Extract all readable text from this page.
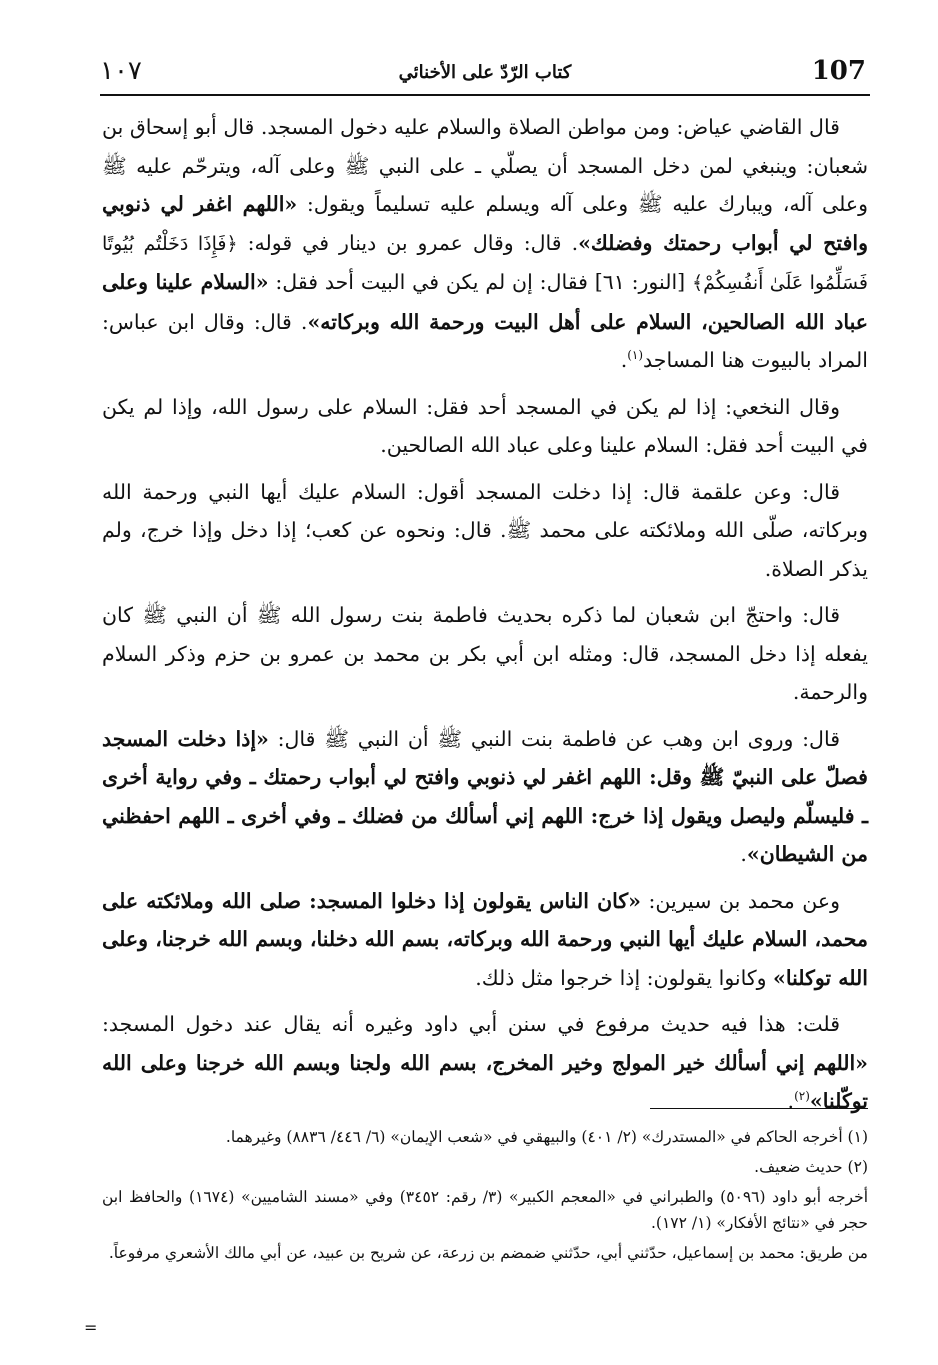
١٠٧	كتاب الرّدّ على الأخنائي	107

قال القاضي عياض: ومن مواطن الصلاة والسلام عليه دخول المسجد. قال أبو إسحاق بن شعبان: وينبغي لمن دخل المسجد أن يصلّي ـ على النبي ﷺ وعلى آله، ويترحّم عليه ﷺ وعلى آله، ويبارك عليه ﷺ وعلى آله ويسلم عليه تسليماً ويقول: «اللهم اغفر لي ذنوبي وافتح لي أبواب رحمتك وفضلك». قال: وقال عمرو بن دينار في قوله: ﴿فَإِذَا دَخَلْتُم بُيُوتًا فَسَلِّمُوا عَلَىٰ أَنفُسِكُمْ﴾ [النور: ٦١] فقال: إن لم يكن في البيت أحد فقل: «السلام علينا وعلى عباد الله الصالحين، السلام على أهل البيت ورحمة الله وبركاته». قال: وقال ابن عباس: المراد بالبيوت هنا المساجد$^{(١)}$.

وقال النخعي: إذا لم يكن في المسجد أحد فقل: السلام على رسول الله، وإذا لم يكن في البيت أحد فقل: السلام علينا وعلى عباد الله الصالحين.

قال: وعن علقمة قال: إذا دخلت المسجد أقول: السلام عليك أيها النبي ورحمة الله وبركاته، صلّى الله وملائكته على محمد ﷺ. قال: ونحوه عن كعب؛ إذا دخل وإذا خرج، ولم يذكر الصلاة.

قال: واحتجّ ابن شعبان لما ذكره بحديث فاطمة بنت رسول الله ﷺ أن النبي ﷺ كان يفعله إذا دخل المسجد، قال: ومثله ابن أبي بكر بن محمد بن عمرو بن حزم وذكر السلام والرحمة.

قال: وروى ابن وهب عن فاطمة بنت النبي ﷺ أن النبي ﷺ قال: «إذا دخلت المسجد فصلّ على النبيّ ﷺ وقل: اللهم اغفر لي ذنوبي وافتح لي أبواب رحمتك ـ وفي رواية أخرى ـ فليسلّم وليصل ويقول إذا خرج: اللهم إني أسألك من فضلك ـ وفي أخرى ـ اللهم احفظني من الشيطان».

وعن محمد بن سيرين: «كان الناس يقولون إذا دخلوا المسجد: صلى الله وملائكته على محمد، السلام عليك أيها النبي ورحمة الله وبركاته، بسم الله دخلنا، وبسم الله خرجنا، وعلى الله توكلنا» وكانوا يقولون: إذا خرجوا مثل ذلك.

قلت: هذا فيه حديث مرفوع في سنن أبي داود وغيره أنه يقال عند دخول المسجد: «اللهم إني أسألك خير المولج وخير المخرج، بسم الله ولجنا وبسم الله خرجنا وعلى الله توكّلنا»$^{(٢)}$.

(١) أخرجه الحاكم في «المستدرك» (٢/ ٤٠١) والبيهقي في «شعب الإيمان» (٦/ ٤٤٦/ ٨٨٣٦) وغيرهما.

(٢) حديث ضعيف.

أخرجه أبو داود (٥٠٩٦) والطبراني في «المعجم الكبير» (٣/ رقم: ٣٤٥٢) وفي «مسند الشاميين» (١٦٧٤) والحافظ ابن حجر في «نتائج الأفكار» (١/ ١٧٢).

من طريق: محمد بن إسماعيل، حدّثني أبي، حدّثني ضمضم بن زرعة، عن شريح بن عبيد، عن أبي مالك الأشعري مرفوعاً.

=
